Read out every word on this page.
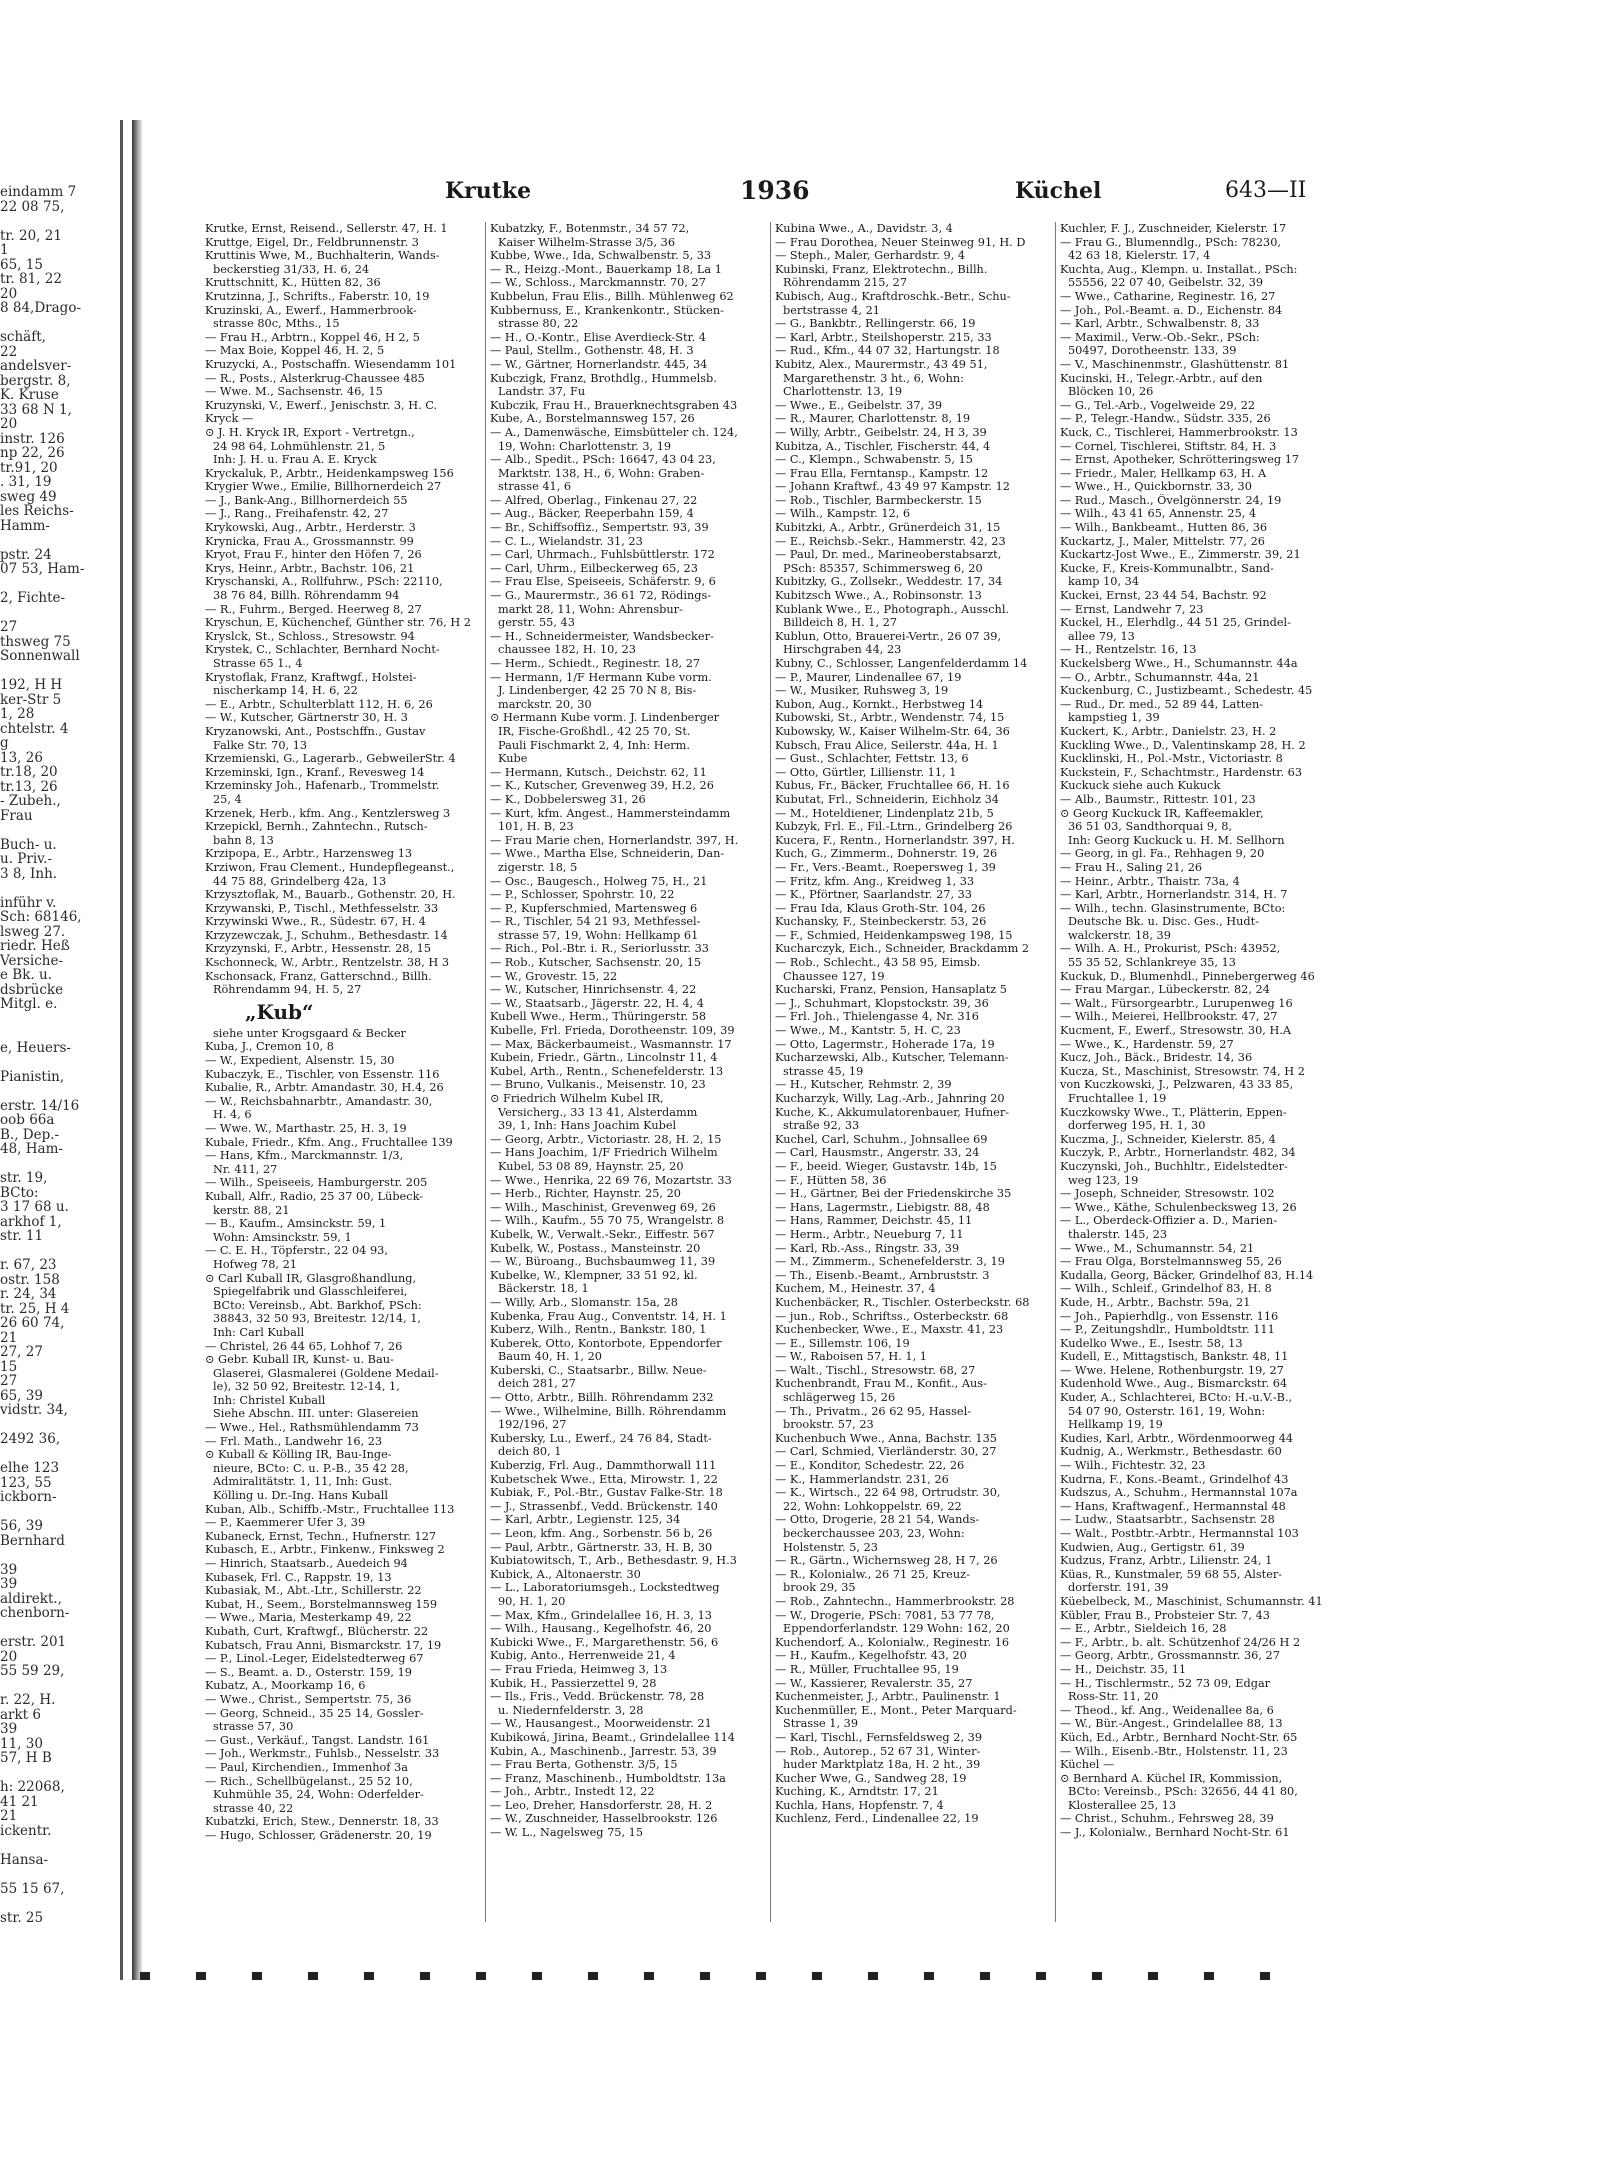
eindamm 7
22 08 75,
tr. 20, 21
1
65, 15
tr. 81, 22
20
8 84,Drago-
schäft,
22
andelsver-
bergstr. 8,
K. Kruse
33 68 N 1,
20
instr. 126
np 22, 26
tr.91, 20
. 31, 19
sweg 49
les Reichs-
Hamm-
pstr. 24
07 53, Ham-
2, Fichte-
27
thsweg 75
Sonnenwall
192, H H
ker-Str 5
1, 28
chtelstr. 4
g
13, 26
tr.18, 20
tr.13, 26
- Zubeh.,
Frau
Buch- u.
u. Priv.-
3 8, Inh.
inführ v.
Sch: 68146,
lsweg 27.
riedr. Heß
Versiche-
e Bk. u.
dsbrücke
Mitgl. e.
e, Heuers-
Pianistin,
erstr. 14/16
oob 66a
B., Dep.-
48, Ham-
str. 19,
BCto:
3 17 68 u.
arkhof 1,
str. 11
r. 67, 23
ostr. 158
r. 24, 34
tr. 25, H 4
26 60 74,
21
27, 27
15
27
65, 39
vidstr. 34,
2492 36,
elhe 123
123, 55
ickborn-
56, 39
Bernhard
39
39
aldirekt.,
chenborn-
erstr. 201
20
55 59 29,
r. 22, H.
arkt 6
39
11, 30
57, H B
h: 22068,
41 21
21
ickentr.
Hansa-
55 15 67,
str. 25
Krutke	1936	Küchel	643—II
Krutke, Ernst, Reisend., Sellerstr. 47, H. 1
Kruttge, Eigel, Dr., Feldbrunnenstr. 3
Kruttinis Wwe, M., Buchhalterin, Wands-
beckerstieg 31/33, H. 6, 24
Kruttschnitt, K., Hütten 82, 36
Krutzinna, J., Schrifts., Faberstr. 10, 19
Kruzinski, A., Ewerf., Hammerbrook-
strasse 80c, Mths., 15
— Frau H., Arbtrn., Koppel 46, H 2, 5
— Max Boie, Koppel 46, H. 2, 5
Kruzycki, A., Postschaffn. Wiesendamm 101
— R., Posts., Alsterkrug-Chaussee 485
— Wwe. M., Sachsenstr. 46, 15
Kruzynski, V., Ewerf., Jenischstr. 3, H. C.
Kryck —
⊙ J. H. Kryck IR, Export - Vertretgn.,
24 98 64, Lohmühlenstr. 21, 5
Inh: J. H. u. Frau A. E. Kryck
Kryckaluk, P., Arbtr., Heidenkampsweg 156
Krygier Wwe., Emilie, Billhornerdeich 27
— J., Bank-Ang., Billhornerdeich 55
— J., Rang., Freihafenstr. 42, 27
Krykowski, Aug., Arbtr., Herderstr. 3
Krynicka, Frau A., Grossmannstr. 99
Kryot, Frau F., hinter den Höfen 7, 26
Krys, Heinr., Arbtr., Bachstr. 106, 21
Kryschanski, A., Rollfuhrw., PSch: 22110,
38 76 84, Billh. Röhrendamm 94
— R., Fuhrm., Berged. Heerweg 8, 27
Kryschun, E, Küchenchef, Günther str. 76, H 2
Kryslck, St., Schloss., Stresowstr. 94
Krystek, C., Schlachter, Bernhard Nocht-
Strasse 65 1., 4
Krystoflak, Franz, Kraftwgf., Holstei-
nischerkamp 14, H. 6, 22
— E., Arbtr., Schulterblatt 112, H. 6, 26
— W., Kutscher, Gärtnerstr 30, H. 3
Kryzanowski, Ant., Postschffn., Gustav
Falke Str. 70, 13
Krzemienski, G., Lagerarb., GebweilerStr. 4
Krzeminski, Ign., Kranf., Revesweg 14
Krzeminsky Joh., Hafenarb., Trommelstr.
25, 4
Krzenek, Herb., kfm. Ang., Kentzlersweg 3
Krzepickl, Bernh., Zahntechn., Rutsch-
bahn 8, 13
Krzipopa, E., Arbtr., Harzensweg 13
Krziwon, Frau Clement., Hundepflegeanst.,
44 75 88, Grindelberg 42a, 13
Krzysztoflak, M., Bauarb., Gothenstr. 20, H.
Krzywanski, P., Tischl., Methfesselstr. 33
Krzywinski Wwe., R., Südestr. 67, H. 4
Krzyzewczak, J., Schuhm., Bethesdastr. 14
Krzyzynski, F., Arbtr., Hessenstr. 28, 15
Kschonneck, W., Arbtr., Rentzelstr. 38, H 3
Kschonsack, Franz, Gatterschnd., Billh.
Röhrendamm 94, H. 5, 27
„Kub“
siehe unter Krogsgaard & Becker
Kuba, J., Cremon 10, 8
— W., Expedient, Alsenstr. 15, 30
Kubaczyk, E., Tischler, von Essenstr. 116
Kubalie, R., Arbtr. Amandastr. 30, H.4, 26
— W., Reichsbahnarbtr., Amandastr. 30,
H. 4, 6
— Wwe. W., Marthastr. 25, H. 3, 19
Kubale, Friedr., Kfm. Ang., Fruchtallee 139
— Hans, Kfm., Marckmannstr. 1/3,
Nr. 411, 27
— Wilh., Speiseeis, Hamburgerstr. 205
Kuball, Alfr., Radio, 25 37 00, Lübeck-
kerstr. 88, 21
— B., Kaufm., Amsinckstr. 59, 1
Wohn: Amsinckstr. 59, 1
— C. E. H., Töpferstr., 22 04 93,
Hofweg 78, 21
⊙ Carl Kuball IR, Glasgroßhandlung,
Spiegelfabrik und Glasschleiferei,
BCto: Vereinsb., Abt. Barkhof, PSch:
38843, 32 50 93, Breitestr. 12/14, 1,
Inh: Carl Kuball
— Christel, 26 44 65, Lohhof 7, 26
⊙ Gebr. Kuball IR, Kunst- u. Bau-
Glaserei, Glasmalerei (Goldene Medail-
le), 32 50 92, Breitestr. 12-14, 1,
Inh: Christel Kuball
Siehe Abschn. III. unter: Glasereien
— Wwe., Hel., Rathsmühlendamm 73
— Frl. Math., Landwehr 16, 23
⊙ Kuball & Kölling IR, Bau-Inge-
nieure, BCto: C. u. P.-B., 35 42 28,
Admiralitätstr. 1, 11, Inh: Gust.
Kölling u. Dr.-Ing. Hans Kuball
Kuban, Alb., Schiffb.-Mstr., Fruchtallee 113
— P., Kaemmerer Ufer 3, 39
Kubaneck, Ernst, Techn., Hufnerstr. 127
Kubasch, E., Arbtr., Finkenw., Finksweg 2
— Hinrich, Staatsarb., Auedeich 94
Kubasek, Frl. C., Rappstr. 19, 13
Kubasiak, M., Abt.-Ltr., Schillerstr. 22
Kubat, H., Seem., Borstelmannsweg 159
— Wwe., Maria, Mesterkamp 49, 22
Kubath, Curt, Kraftwgf., Blücherstr. 22
Kubatsch, Frau Anni, Bismarckstr. 17, 19
— P., Linol.-Leger, Eidelstedterweg 67
— S., Beamt. a. D., Osterstr. 159, 19
Kubatz, A., Moorkamp 16, 6
— Wwe., Christ., Sempertstr. 75, 36
— Georg, Schneid., 35 25 14, Gossler-
strasse 57, 30
— Gust., Verkäuf., Tangst. Landstr. 161
— Joh., Werkmstr., Fuhlsb., Nesselstr. 33
— Paul, Kirchendien., Immenhof 3a
— Rich., Schellbügelanst., 25 52 10,
Kuhmühle 35, 24, Wohn: Oderfelder-
strasse 40, 22
Kubatzki, Erich, Stew., Dennerstr. 18, 33
— Hugo, Schlosser, Grädenerstr. 20, 19
Kubatzky, F., Botenmstr., 34 57 72,
Kaiser Wilhelm-Strasse 3/5, 36
Kubbe, Wwe., Ida, Schwalbenstr. 5, 33
— R., Heizg.-Mont., Bauerkamp 18, La 1
— W., Schloss., Marckmannstr. 70, 27
Kubbelun, Frau Elis., Billh. Mühlenweg 62
Kubbernuss, E., Krankenkontr., Stücken-
strasse 80, 22
— H., O.-Kontr., Elise Averdieck-Str. 4
— Paul, Stellm., Gothenstr. 48, H. 3
— W., Gärtner, Hornerlandstr. 445, 34
Kubczigk, Franz, Brothdlg., Hummelsb.
Landstr. 37, Fu
Kubczik, Frau H., Brauerknechtsgraben 43
Kube, A., Borstelmannsweg 157, 26
— A., Damenwäsche, Eimsbütteler ch. 124,
19, Wohn: Charlottenstr. 3, 19
— Alb., Spedit., PSch: 16647, 43 04 23,
Marktstr. 138, H., 6, Wohn: Graben-
strasse 41, 6
— Alfred, Oberlag., Finkenau 27, 22
— Aug., Bäcker, Reeperbahn 159, 4
— Br., Schiffsoffiz., Sempertstr. 93, 39
— C. L., Wielandstr. 31, 23
— Carl, Uhrmach., Fuhlsbüttlerstr. 172
— Carl, Uhrm., Eilbeckerweg 65, 23
— Frau Else, Speiseeis, Schäferstr. 9, 6
— G., Maurermstr., 36 61 72, Rödings-
markt 28, 11, Wohn: Ahrensbur-
gerstr. 55, 43
— H., Schneidermeister, Wandsbecker-
chaussee 182, H. 10, 23
— Herm., Schiedt., Reginestr. 18, 27
— Hermann, 1/F Hermann Kube vorm.
J. Lindenberger, 42 25 70 N 8, Bis-
marckstr. 20, 30
⊙ Hermann Kube vorm. J. Lindenberger
IR, Fische-Großhdl., 42 25 70, St.
Pauli Fischmarkt 2, 4, Inh: Herm.
Kube
— Hermann, Kutsch., Deichstr. 62, 11
— K., Kutscher, Grevenweg 39, H.2, 26
— K., Dobbelersweg 31, 26
— Kurt, kfm. Angest., Hammersteindamm
101, H. B, 23
— Frau Marie chen, Hornerlandstr. 397, H.
— Wwe., Martha Else, Schneiderin, Dan-
zigerstr. 18, 5
— Osc., Baugesch., Holweg 75, H., 21
— P., Schlosser, Spohrstr. 10, 22
— P., Kupferschmied, Martensweg 6
— R., Tischler, 54 21 93, Methfessel-
strasse 57, 19, Wohn: Hellkamp 61
— Rich., Pol.-Btr. i. R., Seriorlusstr. 33
— Rob., Kutscher, Sachsenstr. 20, 15
— W., Grovestr. 15, 22
— W., Kutscher, Hinrichsenstr. 4, 22
— W., Staatsarb., Jägerstr. 22, H. 4, 4
Kubell Wwe., Herm., Thüringerstr. 58
Kubelle, Frl. Frieda, Dorotheenstr. 109, 39
— Max, Bäckerbaumeist., Wasmannstr. 17
Kubein, Friedr., Gärtn., Lincolnstr 11, 4
Kubel, Arth., Rentn., Schenefelderstr. 13
— Bruno, Vulkanis., Meisenstr. 10, 23
⊙ Friedrich Wilhelm Kubel IR,
Versicherg., 33 13 41, Alsterdamm
39, 1, Inh: Hans Joachim Kubel
— Georg, Arbtr., Victoriastr. 28, H. 2, 15
— Hans Joachim, 1/F Friedrich Wilhelm
Kubel, 53 08 89, Haynstr. 25, 20
— Wwe., Henrika, 22 69 76, Mozartstr. 33
— Herb., Richter, Haynstr. 25, 20
— Wilh., Maschinist, Grevenweg 69, 26
— Wilh., Kaufm., 55 70 75, Wrangelstr. 8
Kubelk, W., Verwalt.-Sekr., Eiffestr. 567
Kubelk, W., Postass., Mansteinstr. 20
— W., Büroang., Buchsbaumweg 11, 39
Kubelke, W., Klempner, 33 51 92, kl.
Bäckerstr. 18, 1
— Willy, Arb., Slomanstr. 15a, 28
Kubenka, Frau Aug., Conventstr. 14, H. 1
Kuberz, Wilh., Rentn., Bankstr. 180, 1
Kuberek, Otto, Kontorbote, Eppendorfer
Baum 40, H. 1, 20
Kuberski, C., Staatsarbr., Billw. Neue-
deich 281, 27
— Otto, Arbtr., Billh. Röhrendamm 232
— Wwe., Wilhelmine, Billh. Röhrendamm
192/196, 27
Kubersky, Lu., Ewerf., 24 76 84, Stadt-
deich 80, 1
Kuberzig, Frl. Aug., Dammthorwall 111
Kubetschek Wwe., Etta, Mirowstr. 1, 22
Kubiak, F., Pol.-Btr., Gustav Falke-Str. 18
— J., Strassenbf., Vedd. Brückenstr. 140
— Karl, Arbtr., Legienstr. 125, 34
— Leon, kfm. Ang., Sorbenstr. 56 b, 26
— Paul, Arbtr., Gärtnerstr. 33, H. B, 30
Kubiatowitsch, T., Arb., Bethesdastr. 9, H.3
Kubick, A., Altonaerstr. 30
— L., Laboratoriumsgeh., Lockstedtweg
90, H. 1, 20
— Max, Kfm., Grindelallee 16, H. 3, 13
— Wilh., Hausang., Kegelhofstr. 46, 20
Kubicki Wwe., F., Margarethenstr. 56, 6
Kubig, Anto., Herrenweide 21, 4
— Frau Frieda, Heimweg 3, 13
Kubik, H., Passierzettel 9, 28
— Ils., Fris., Vedd. Brückenstr. 78, 28
u. Niedernfelderstr. 3, 28
— W., Hausangest., Moorweidenstr. 21
Kubikowá, Jirina, Beamt., Grindelallee 114
Kubin, A., Maschinenb., Jarrestr. 53, 39
— Frau Berta, Gothenstr. 3/5, 15
— Franz, Maschinenb., Humboldtstr. 13a
— Joh., Arbtr., Instedt 12, 22
— Leo, Dreher, Hansdorferstr. 28, H. 2
— W., Zuschneider, Hasselbrookstr. 126
— W. L., Nagelsweg 75, 15
Kubina Wwe., A., Davidstr. 3, 4
— Frau Dorothea, Neuer Steinweg 91, H. D
— Steph., Maler, Gerhardstr. 9, 4
Kubinski, Franz, Elektrotechn., Billh.
Röhrendamm 215, 27
Kubisch, Aug., Kraftdroschk.-Betr., Schu-
bertstrasse 4, 21
— G., Bankbtr., Rellingerstr. 66, 19
— Karl, Arbtr., Steilshoperstr. 215, 33
— Rud., Kfm., 44 07 32, Hartungstr. 18
Kubitz, Alex., Maurermstr., 43 49 51,
Margarethenstr. 3 ht., 6, Wohn:
Charlottenstr. 13, 19
— Wwe., E., Geibelstr. 37, 39
— R., Maurer, Charlottenstr. 8, 19
— Willy, Arbtr., Geibelstr. 24, H 3, 39
Kubitza, A., Tischler, Fischerstr. 44, 4
— C., Klempn., Schwabenstr. 5, 15
— Frau Ella, Ferntansp., Kampstr. 12
— Johann Kraftwf., 43 49 97 Kampstr. 12
— Rob., Tischler, Barmbeckerstr. 15
— Wilh., Kampstr. 12, 6
Kubitzki, A., Arbtr., Grünerdeich 31, 15
— E., Reichsb.-Sekr., Hammerstr. 42, 23
— Paul, Dr. med., Marineoberstabsarzt,
PSch: 85357, Schimmersweg 6, 20
Kubitzky, G., Zollsekr., Weddestr. 17, 34
Kubitzsch Wwe., A., Robinsonstr. 13
Kublank Wwe., E., Photograph., Ausschl.
Billdeich 8, H. 1, 27
Kublun, Otto, Brauerei-Vertr., 26 07 39,
Hirschgraben 44, 23
Kubny, C., Schlosser, Langenfelderdamm 14
— P., Maurer, Lindenallee 67, 19
— W., Musiker, Ruhsweg 3, 19
Kubon, Aug., Kornkt., Herbstweg 14
Kubowski, St., Arbtr., Wendenstr. 74, 15
Kubowsky, W., Kaiser Wilhelm-Str. 64, 36
Kubsch, Frau Alice, Seilerstr. 44a, H. 1
— Gust., Schlachter, Fettstr. 13, 6
— Otto, Gürtler, Lillienstr. 11, 1
Kubus, Fr., Bäcker, Fruchtallee 66, H. 16
Kubutat, Frl., Schneiderin, Eichholz 34
— M., Hoteldiener, Lindenplatz 21b, 5
Kubzyk, Frl. E., Fil.-Ltrn., Grindelberg 26
Kucera, F., Rentn., Hornerlandstr. 397, H.
Kuch, G., Zimmerm., Dohnerstr. 19, 26
— Fr., Vers.-Beamt., Roepersweg 1, 39
— Fritz, kfm. Ang., Kreidweg 1, 33
— K., Pförtner, Saarlandstr. 27, 33
— Frau Ida, Klaus Groth-Str. 104, 26
Kuchansky, F., Steinbeckerstr. 53, 26
— F., Schmied, Heidenkampsweg 198, 15
Kucharczyk, Eich., Schneider, Brackdamm 2
— Rob., Schlecht., 43 58 95, Eimsb.
Chaussee 127, 19
Kucharski, Franz, Pension, Hansaplatz 5
— J., Schuhmart, Klopstockstr. 39, 36
— Frl. Joh., Thielengasse 4, Nr. 316
— Wwe., M., Kantstr. 5, H. C, 23
— Otto, Lagermstr., Hoherade 17a, 19
Kucharzewski, Alb., Kutscher, Telemann-
strasse 45, 19
— H., Kutscher, Rehmstr. 2, 39
Kucharzyk, Willy, Lag.-Arb., Jahnring 20
Kuche, K., Akkumulatorenbauer, Hufner-
straße 92, 33
Kuchel, Carl, Schuhm., Johnsallee 69
— Carl, Hausmstr., Angerstr. 33, 24
— F., beeid. Wieger, Gustavstr. 14b, 15
— F., Hütten 58, 36
— H., Gärtner, Bei der Friedenskirche 35
— Hans, Lagermstr., Liebigstr. 88, 48
— Hans, Rammer, Deichstr. 45, 11
— Herm., Arbtr., Neueburg 7, 11
— Karl, Rb.-Ass., Ringstr. 33, 39
— M., Zimmerm., Schenefelderstr. 3, 19
— Th., Eisenb.-Beamt., Arnbruststr. 3
Kuchem, M., Heinestr. 37, 4
Kuchenbäcker, R., Tischler. Osterbeckstr. 68
— jun., Rob., Schriftss., Osterbeckstr. 68
Kuchenbecker, Wwe., E., Maxstr. 41, 23
— E., Sillemstr. 106, 19
— W., Raboisen 57, H. 1, 1
— Walt., Tischl., Stresowstr. 68, 27
Kuchenbrandt, Frau M., Konfit., Aus-
schlägerweg 15, 26
— Th., Privatm., 26 62 95, Hassel-
brookstr. 57, 23
Kuchenbuch Wwe., Anna, Bachstr. 135
— Carl, Schmied, Vierländerstr. 30, 27
— E., Konditor, Schedestr. 22, 26
— K., Hammerlandstr. 231, 26
— K., Wirtsch., 22 64 98, Ortrudstr. 30,
22, Wohn: Lohkoppelstr. 69, 22
— Otto, Drogerie, 28 21 54, Wands-
beckerchaussee 203, 23, Wohn:
Holstenstr. 5, 23
— R., Gärtn., Wichernsweg 28, H 7, 26
— R., Kolonialw., 26 71 25, Kreuz-
brook 29, 35
— Rob., Zahntechn., Hammerbrookstr. 28
— W., Drogerie, PSch: 7081, 53 77 78,
Eppendorferlandstr. 129 Wohn: 162, 20
Kuchendorf, A., Kolonialw., Reginestr. 16
— H., Kaufm., Kegelhofstr. 43, 20
— R., Müller, Fruchtallee 95, 19
— W., Kassierer, Revalerstr. 35, 27
Kuchenmeister, J., Arbtr., Paulinenstr. 1
Kuchenmüller, E., Mont., Peter Marquard-
Strasse 1, 39
— Karl, Tischl., Fernsfeldsweg 2, 39
— Rob., Autorep., 52 67 31, Winter-
huder Marktplatz 18a, H. 2 ht., 39
Kucher Wwe, G., Sandweg 28, 19
Kuching, K., Arndtstr. 17, 21
Kuchla, Hans, Hopfenstr. 7, 4
Kuchlenz, Ferd., Lindenallee 22, 19
Kuchler, F. J., Zuschneider, Kielerstr. 17
— Frau G., Blumenndlg., PSch: 78230,
42 63 18, Kielerstr. 17, 4
Kuchta, Aug., Klempn. u. Installat., PSch:
55556, 22 07 40, Geibelstr. 32, 39
— Wwe., Catharine, Reginestr. 16, 27
— Joh., Pol.-Beamt. a. D., Eichenstr. 84
— Karl, Arbtr., Schwalbenstr. 8, 33
— Maximil., Verw.-Ob.-Sekr., PSch:
50497, Dorotheenstr. 133, 39
— V., Maschinenmstr., Glashüttenstr. 81
Kucinski, H., Telegr.-Arbtr., auf den
Blöcken 10, 26
— G., Tel.-Arb., Vogelweide 29, 22
— P., Telegr.-Handw., Südstr. 335, 26
Kuck, C., Tischlerei, Hammerbrookstr. 13
— Cornel, Tischlerei, Stiftstr. 84, H. 3
— Ernst, Apotheker, Schrötteringsweg 17
— Friedr., Maler, Hellkamp 63, H. A
— Wwe., H., Quickbornstr. 33, 30
— Rud., Masch., Övelgönnerstr. 24, 19
— Wilh., 43 41 65, Annenstr. 25, 4
— Wilh., Bankbeamt., Hutten 86, 36
Kuckartz, J., Maler, Mittelstr. 77, 26
Kuckartz-Jost Wwe., E., Zimmerstr. 39, 21
Kucke, F., Kreis-Kommunalbtr., Sand-
kamp 10, 34
Kuckei, Ernst, 23 44 54, Bachstr. 92
— Ernst, Landwehr 7, 23
Kuckel, H., Elerhdlg., 44 51 25, Grindel-
allee 79, 13
— H., Rentzelstr. 16, 13
Kuckelsberg Wwe., H., Schumannstr. 44a
— O., Arbtr., Schumannstr. 44a, 21
Kuckenburg, C., Justizbeamt., Schedestr. 45
— Rud., Dr. med., 52 89 44, Latten-
kampstieg 1, 39
Kuckert, K., Arbtr., Danielstr. 23, H. 2
Kuckling Wwe., D., Valentinskamp 28, H. 2
Kucklinski, H., Pol.-Mstr., Victoriastr. 8
Kuckstein, F., Schachtmstr., Hardenstr. 63
Kuckuck siehe auch Kukuck
— Alb., Baumstr., Rittestr. 101, 23
⊙ Georg Kuckuck IR, Kaffeemakler,
36 51 03, Sandthorquai 9, 8,
Inh: Georg Kuckuck u. H. M. Sellhorn
— Georg, in gl. Fa., Rehhagen 9, 20
— Frau H., Saling 21, 26
— Heinr., Arbtr., Thaistr. 73a, 4
— Karl, Arbtr., Hornerlandstr. 314, H. 7
— Wilh., techn. Glasinstrumente, BCto:
Deutsche Bk. u. Disc. Ges., Hudt-
walckerstr. 18, 39
— Wilh. A. H., Prokurist, PSch: 43952,
55 35 52, Schlankreye 35, 13
Kuckuk, D., Blumenhdl., Pinnebergerweg 46
— Frau Margar., Lübeckerstr. 82, 24
— Walt., Fürsorgearbtr., Lurupenweg 16
— Wilh., Meierei, Hellbrookstr. 47, 27
Kucment, F., Ewerf., Stresowstr. 30, H.A
— Wwe., K., Hardenstr. 59, 27
Kucz, Joh., Bäck., Bridestr. 14, 36
Kucza, St., Maschinist, Stresowstr. 74, H 2
von Kuczkowski, J., Pelzwaren, 43 33 85,
Fruchtallee 1, 19
Kuczkowsky Wwe., T., Plätterin, Eppen-
dorferweg 195, H. 1, 30
Kuczma, J., Schneider, Kielerstr. 85, 4
Kuczyk, P., Arbtr., Hornerlandstr. 482, 34
Kuczynski, Joh., Buchhltr., Eidelstedter-
weg 123, 19
— Joseph, Schneider, Stresowstr. 102
— Wwe., Käthe, Schulenbecksweg 13, 26
— L., Oberdeck-Offizier a. D., Marien-
thalerstr. 145, 23
— Wwe., M., Schumannstr. 54, 21
— Frau Olga, Borstelmannsweg 55, 26
Kudalla, Georg, Bäcker, Grindelhof 83, H.14
— Wilh., Schleif., Grindelhof 83, H. 8
Kude, H., Arbtr., Bachstr. 59a, 21
— Joh., Papierhdlg., von Essenstr. 116
— P., Zeitungshdlr., Humboldtstr. 111
Kudelko Wwe., E., Isestr. 58, 13
Kudell, E., Mittagstisch, Bankstr. 48, 11
— Wwe. Helene, Rothenburgstr. 19, 27
Kudenhold Wwe., Aug., Bismarckstr. 64
Kuder, A., Schlachterei, BCto: H.-u.V.-B.,
54 07 90, Osterstr. 161, 19, Wohn:
Hellkamp 19, 19
Kudies, Karl, Arbtr., Wördenmoorweg 44
Kudnig, A., Werkmstr., Bethesdastr. 60
— Wilh., Fichtestr. 32, 23
Kudrna, F., Kons.-Beamt., Grindelhof 43
Kudszus, A., Schuhm., Hermannstal 107a
— Hans, Kraftwagenf., Hermannstal 48
— Ludw., Staatsarbtr., Sachsenstr. 28
— Walt., Postbtr.-Arbtr., Hermannstal 103
Kudwien, Aug., Gertigstr. 61, 39
Kudzus, Franz, Arbtr., Lilienstr. 24, 1
Küas, R., Kunstmaler, 59 68 55, Alster-
dorferstr. 191, 39
Küebelbeck, M., Maschinist, Schumannstr. 41
Kübler, Frau B., Probsteier Str. 7, 43
— E., Arbtr., Sieldeich 16, 28
— F., Arbtr., b. alt. Schützenhof 24/26 H 2
— Georg, Arbtr., Grossmannstr. 36, 27
— H., Deichstr. 35, 11
— H., Tischlermstr., 52 73 09, Edgar
Ross-Str. 11, 20
— Theod., kf. Ang., Weidenallee 8a, 6
— W., Bür.-Angest., Grindelallee 88, 13
Küch, Ed., Arbtr., Bernhard Nocht-Str. 65
— Wilh., Eisenb.-Btr., Holstenstr. 11, 23
Küchel —
⊙ Bernhard A. Küchel IR, Kommission,
BCto: Vereinsb., PSch: 32656, 44 41 80,
Klosterallee 25, 13
— Christ., Schuhm., Fehrsweg 28, 39
— J., Kolonialw., Bernhard Nocht-Str. 61
